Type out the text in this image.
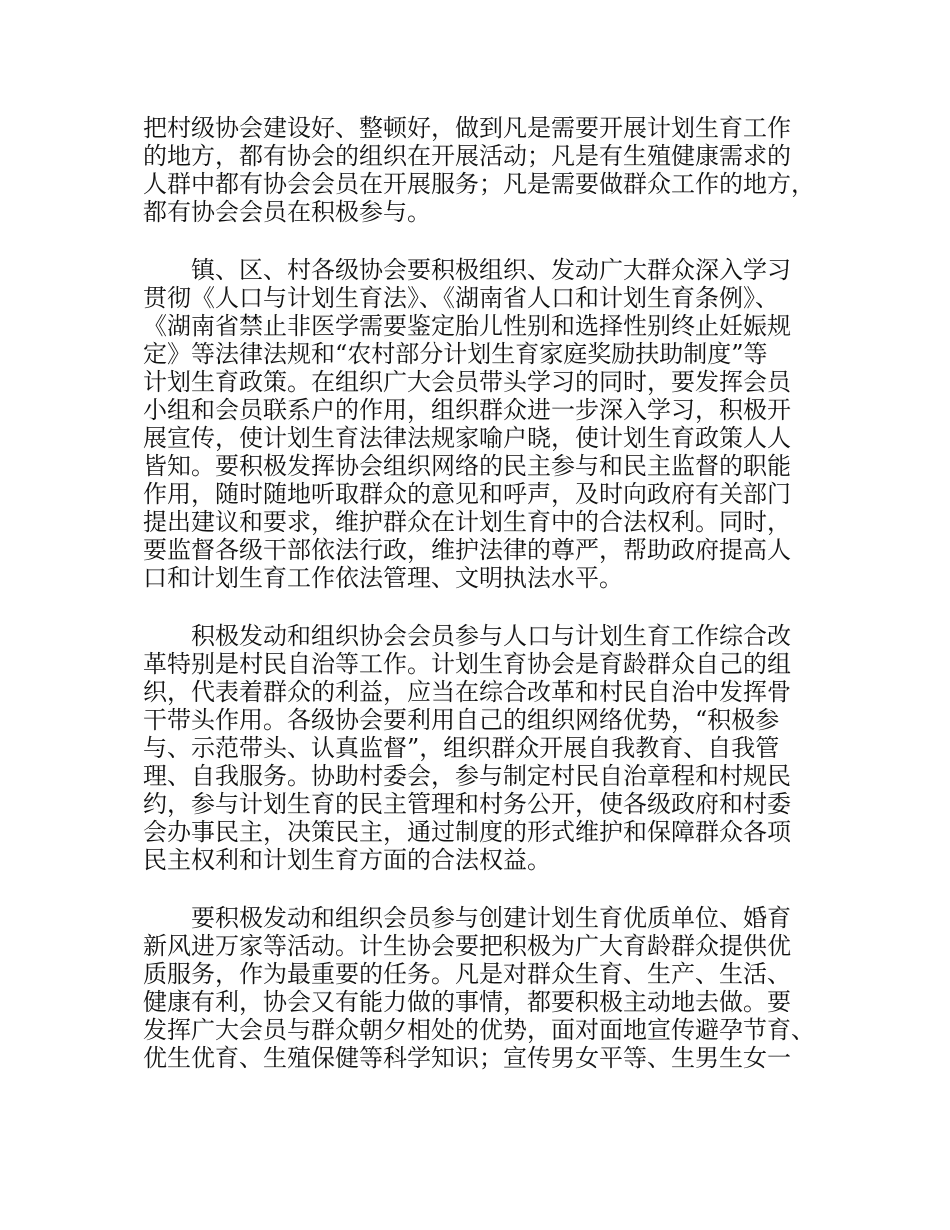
把村级协会建设好、整顿好，做到凡是需要开展计划生育工作
的地方，都有协会的组织在开展活动；凡是有生殖健康需求的
人群中都有协会会员在开展服务；凡是需要做群众工作的地方，
都有协会会员在积极参与。

　　镇、区、村各级协会要积极组织、发动广大群众深入学习
贯彻《人口与计划生育法》、《湖南省人口和计划生育条例》、
《湖南省禁止非医学需要鉴定胎儿性别和选择性别终止妊娠规
定》等法律法规和“农村部分计划生育家庭奖励扶助制度”等
计划生育政策。在组织广大会员带头学习的同时，要发挥会员
小组和会员联系户的作用，组织群众进一步深入学习，积极开
展宣传，使计划生育法律法规家喻户晓，使计划生育政策人人
皆知。要积极发挥协会组织网络的民主参与和民主监督的职能
作用，随时随地听取群众的意见和呼声，及时向政府有关部门
提出建议和要求，维护群众在计划生育中的合法权利。同时，
要监督各级干部依法行政，维护法律的尊严，帮助政府提高人
口和计划生育工作依法管理、文明执法水平。

　　积极发动和组织协会会员参与人口与计划生育工作综合改
革特别是村民自治等工作。计划生育协会是育龄群众自己的组
织，代表着群众的利益，应当在综合改革和村民自治中发挥骨
干带头作用。各级协会要利用自己的组织网络优势，“积极参
与、示范带头、认真监督”，组织群众开展自我教育、自我管
理、自我服务。协助村委会，参与制定村民自治章程和村规民
约，参与计划生育的民主管理和村务公开，使各级政府和村委
会办事民主，决策民主，通过制度的形式维护和保障群众各项
民主权利和计划生育方面的合法权益。

　　要积极发动和组织会员参与创建计划生育优质单位、婚育
新风进万家等活动。计生协会要把积极为广大育龄群众提供优
质服务，作为最重要的任务。凡是对群众生育、生产、生活、
健康有利，协会又有能力做的事情，都要积极主动地去做。要
发挥广大会员与群众朝夕相处的优势，面对面地宣传避孕节育、
优生优育、生殖保健等科学知识；宣传男女平等、生男生女一
